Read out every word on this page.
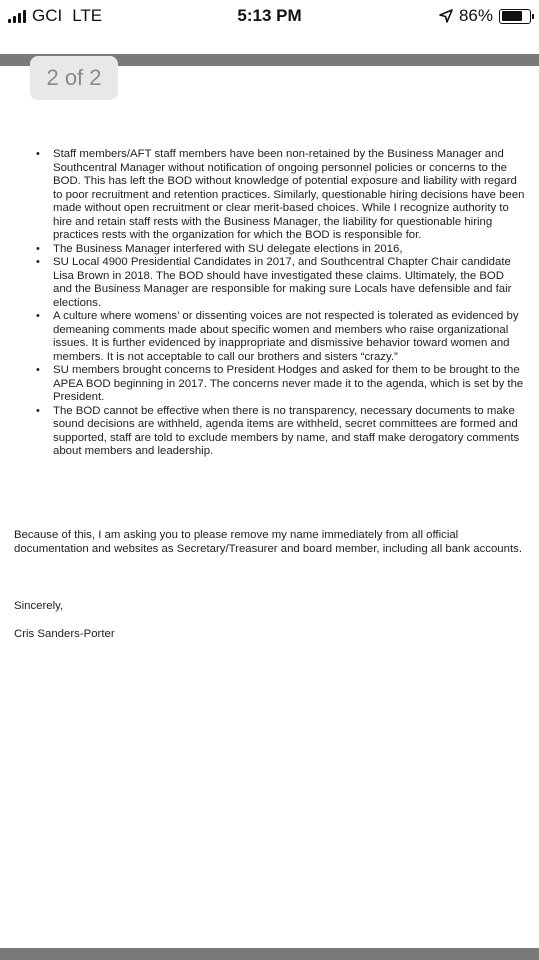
GCI LTE	5:13 PM	86%
2 of 2
• Staff members/AFT staff members have been non-retained by the Business Manager and Southcentral Manager without notification of ongoing personnel policies or concerns to the BOD. This has left the BOD without knowledge of potential exposure and liability with regard to poor recruitment and retention practices. Similarly, questionable hiring decisions have been made without open recruitment or clear merit-based choices. While I recognize authority to hire and retain staff rests with the Business Manager, the liability for questionable hiring practices rests with the organization for which the BOD is responsible for.
• The Business Manager interfered with SU delegate elections in 2016,
• SU Local 4900 Presidential Candidates in 2017, and Southcentral Chapter Chair candidate Lisa Brown in 2018. The BOD should have investigated these claims. Ultimately, the BOD and the Business Manager are responsible for making sure Locals have defensible and fair elections.
• A culture where womens’ or dissenting voices are not respected is tolerated as evidenced by demeaning comments made about specific women and members who raise organizational issues. It is further evidenced by inappropriate and dismissive behavior toward women and members. It is not acceptable to call our brothers and sisters “crazy.”
• SU members brought concerns to President Hodges and asked for them to be brought to the APEA BOD beginning in 2017. The concerns never made it to the agenda, which is set by the President.
• The BOD cannot be effective when there is no transparency, necessary documents to make sound decisions are withheld, agenda items are withheld, secret committees are formed and supported, staff are told to exclude members by name, and staff make derogatory comments about members and leadership.
Because of this, I am asking you to please remove my name immediately from all official documentation and websites as Secretary/Treasurer and board member, including all bank accounts.
Sincerely,
Cris Sanders-Porter
